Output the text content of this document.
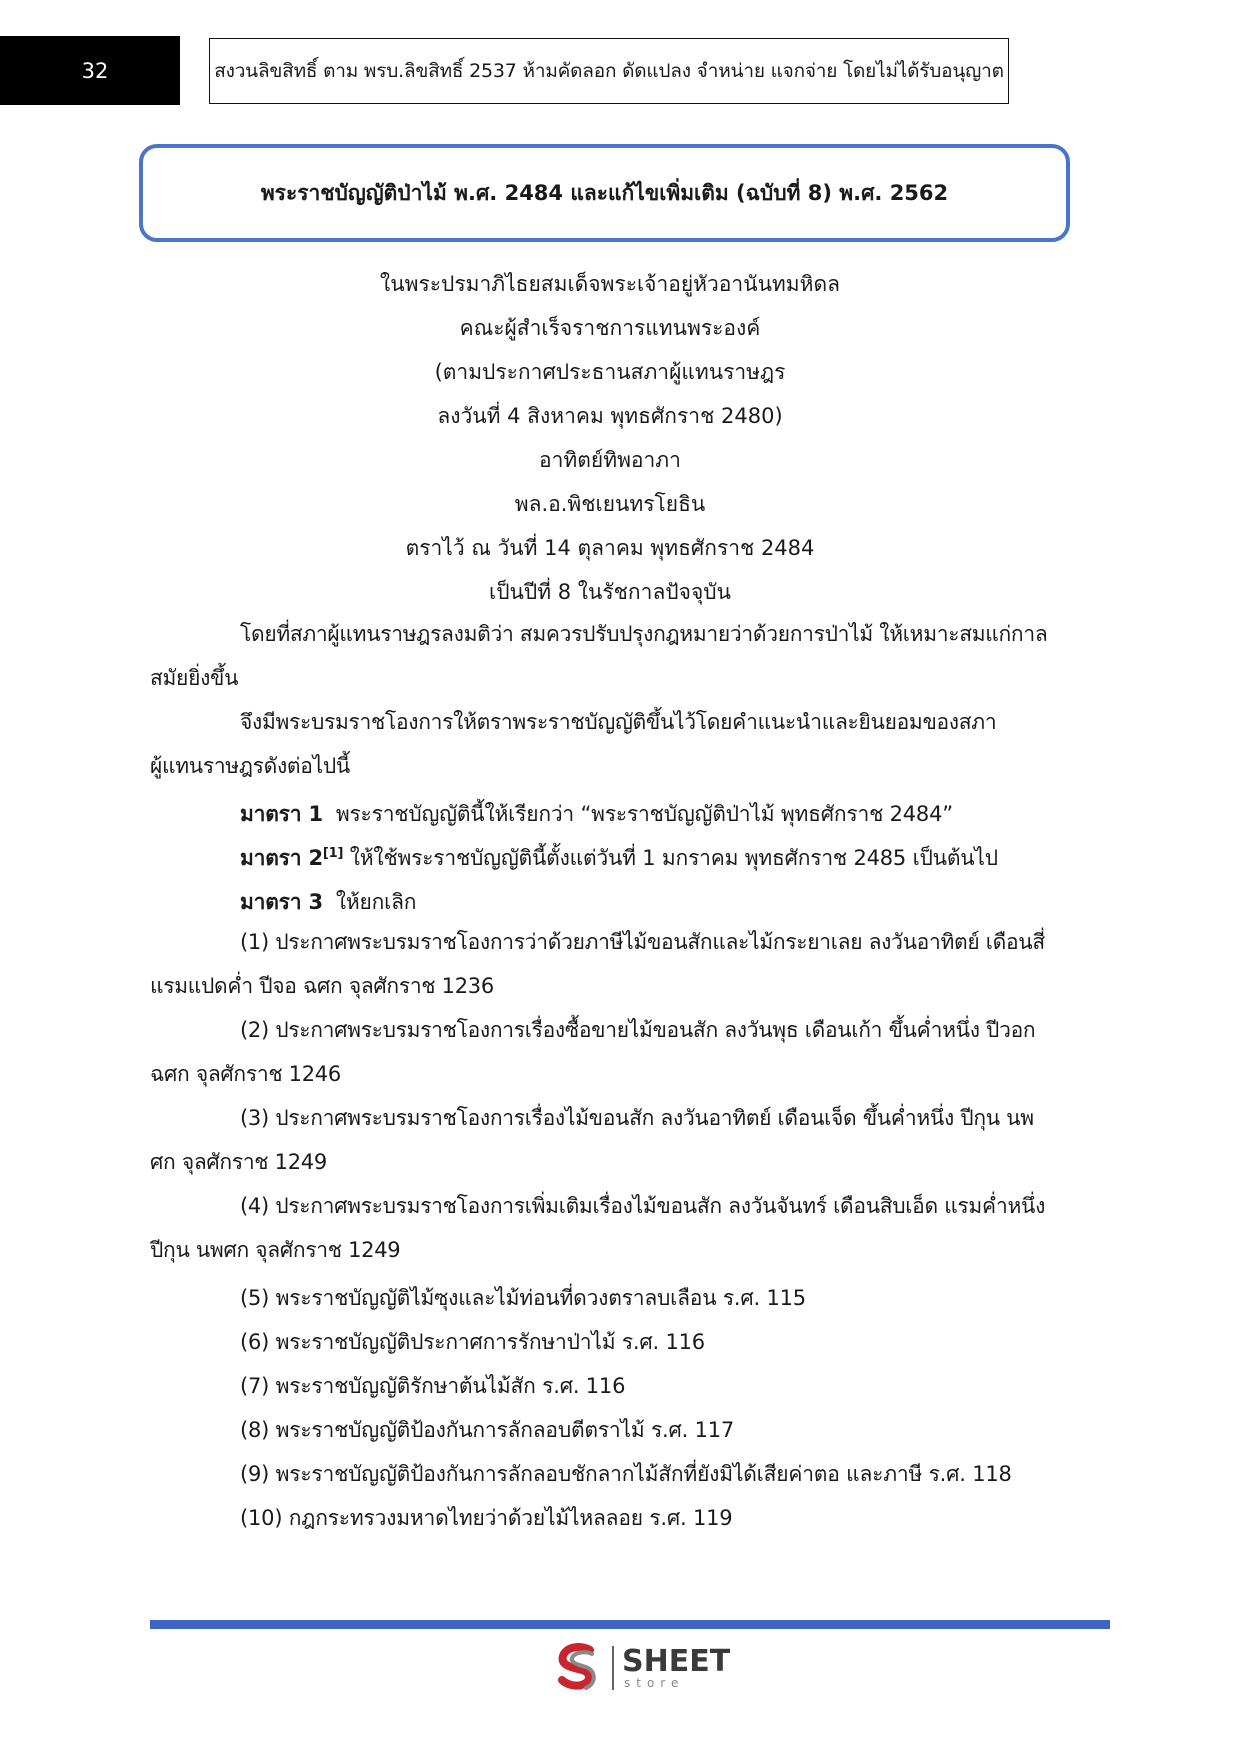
32	สงวนลิขสิทธิ์ ตาม พรบ.ลิขสิทธิ์ 2537 ห้ามคัดลอก ดัดแปลง จำหน่าย แจกจ่าย โดยไม่ได้รับอนุญาต
พระราชบัญญัติป่าไม้ พ.ศ. 2484 และแก้ไขเพิ่มเติม (ฉบับที่ 8) พ.ศ. 2562
ในพระปรมาภิไธยสมเด็จพระเจ้าอยู่หัวอานันทมหิดล
คณะผู้สำเร็จราชการแทนพระองค์
(ตามประกาศประธานสภาผู้แทนราษฎร
ลงวันที่ 4 สิงหาคม พุทธศักราช 2480)
อาทิตย์ทิพอาภา
พล.อ.พิชเยนทรโยธิน
ตราไว้ ณ วันที่ 14 ตุลาคม พุทธศักราช 2484
เป็นปีที่ 8 ในรัชกาลปัจจุบัน
โดยที่สภาผู้แทนราษฎรลงมติว่า สมควรปรับปรุงกฎหมายว่าด้วยการป่าไม้ ให้เหมาะสมแก่กาล
สมัยยิ่งขึ้น
จึงมีพระบรมราชโองการให้ตราพระราชบัญญัติขึ้นไว้โดยคำแนะนำและยินยอมของสภา
ผู้แทนราษฎรดังต่อไปนี้
มาตรา 1 พระราชบัญญัตินี้ให้เรียกว่า “พระราชบัญญัติป่าไม้ พุทธศักราช 2484”
มาตรา 2[1] ให้ใช้พระราชบัญญัตินี้ตั้งแต่วันที่ 1 มกราคม พุทธศักราช 2485 เป็นต้นไป
มาตรา 3 ให้ยกเลิก
(1) ประกาศพระบรมราชโองการว่าด้วยภาษีไม้ขอนสักและไม้กระยาเลย ลงวันอาทิตย์ เดือนสี่
แรมแปดค่ำ ปีจอ ฉศก จุลศักราช 1236
(2) ประกาศพระบรมราชโองการเรื่องซื้อขายไม้ขอนสัก ลงวันพุธ เดือนเก้า ขึ้นค่ำหนึ่ง ปีวอก
ฉศก จุลศักราช 1246
(3) ประกาศพระบรมราชโองการเรื่องไม้ขอนสัก ลงวันอาทิตย์ เดือนเจ็ด ขึ้นค่ำหนึ่ง ปีกุน นพ
ศก จุลศักราช 1249
(4) ประกาศพระบรมราชโองการเพิ่มเติมเรื่องไม้ขอนสัก ลงวันจันทร์ เดือนสิบเอ็ด แรมค่ำหนึ่ง
ปีกุน นพศก จุลศักราช 1249
(5) พระราชบัญญัติไม้ซุงและไม้ท่อนที่ดวงตราลบเลือน ร.ศ. 115
(6) พระราชบัญญัติประกาศการรักษาป่าไม้ ร.ศ. 116
(7) พระราชบัญญัติรักษาต้นไม้สัก ร.ศ. 116
(8) พระราชบัญญัติป้องกันการลักลอบตีตราไม้ ร.ศ. 117
(9) พระราชบัญญัติป้องกันการลักลอบชักลากไม้สักที่ยังมิได้เสียค่าตอ และภาษี ร.ศ. 118
(10) กฎกระทรวงมหาดไทยว่าด้วยไม้ไหลลอย ร.ศ. 119
SHEET
store
